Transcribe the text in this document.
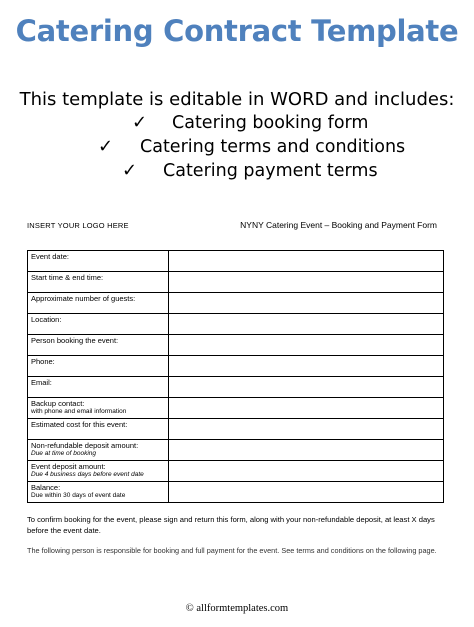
Catering Contract Template
This template is editable in WORD and includes:
✓ Catering booking form
✓ Catering terms and conditions
✓ Catering payment terms
INSERT YOUR LOGO HERE	NYNY Catering Event – Booking and Payment Form
Event date:	
Start time & end time:	
Approximate number of guests:	
Location:	
Person booking the event:	
Phone:	
Email:	
Backup contact:
with phone and email information	

Estimated cost for this event:	
Non-refundable deposit amount:
Due at time of booking	

Event deposit amount:
Due 4 business days before event date	

Balance:
Due within 30 days of event date	

To confirm booking for the event, please sign and return this form, along with your non-refundable deposit, at least X days before the event date.

The following person is responsible for booking and full payment for the event. See terms and conditions on the following page.

© allformtemplates.com
